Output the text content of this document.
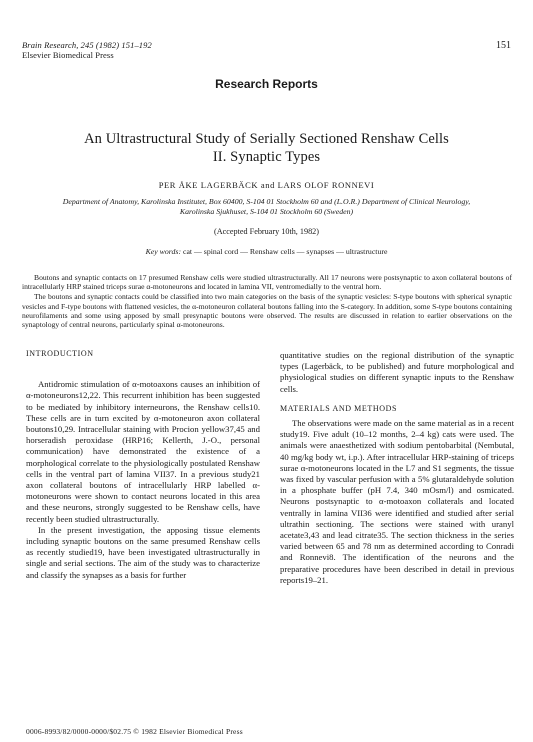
Brain Research, 245 (1982) 151–192
Elsevier Biomedical Press
151
Research Reports
An Ultrastructural Study of Serially Sectioned Renshaw Cells
II. Synaptic Types
PER ÅKE LAGERBÄCK and LARS OLOF RONNEVI
Department of Anatomy, Karolinska Institutet, Box 60400, S-104 01 Stockholm 60 and (L.O.R.) Department of Clinical Neurology,
Karolinska Sjukhuset, S-104 01 Stockholm 60 (Sweden)
(Accepted February 10th, 1982)
Key words: cat — spinal cord — Renshaw cells — synapses — ultrastructure

Boutons and synaptic contacts on 17 presumed Renshaw cells were studied ultrastructurally. All 17 neurons were postsynaptic to axon collateral boutons of intracellularly HRP stained triceps surae α-motoneurons and located in lamina VII, ventromedially to the ventral horn.

The boutons and synaptic contacts could be classified into two main categories on the basis of the synaptic vesicles: S-type boutons with spherical synaptic vesicles and F-type boutons with flattened vesicles, the α-motoneuron collateral boutons falling into the S-category. In addition, some S-type boutons containing neurofilaments and some using apposed by small presynaptic boutons were observed. The results are discussed in relation to earlier observations on the synaptology of central neurons, particularly spinal α-motoneurons.

INTRODUCTION

Antidromic stimulation of α-motoaxons causes an inhibition of α-motoneurons12,22. This recurrent inhibition has been suggested to be mediated by inhibitory interneurons, the Renshaw cells10. These cells are in turn excited by α-motoneuron axon collateral boutons10,29. Intracellular staining with Procion yellow37,45 and horseradish peroxidase (HRP16; Kellerth, J.-O., personal communication) have demonstrated the existence of a morphological correlate to the physiologically postulated Renshaw cells in the ventral part of lamina VII37. In a previous study21 axon collateral boutons of intracellularly HRP labelled α-motoneurons were shown to contact neurons located in this area and these neurons, strongly suggested to be Renshaw cells, have recently been studied ultrastructurally.

In the present investigation, the apposing tissue elements including synaptic boutons on the same presumed Renshaw cells as recently studied19, have been investigated ultrastructurally in single and serial sections. The aim of the study was to characterize and classify the synapses as a basis for further

quantitative studies on the regional distribution of the synaptic types (Lagerbäck, to be published) and future morphological and physiological studies on different synaptic inputs to the Renshaw cells.

MATERIALS AND METHODS

The observations were made on the same material as in a recent study19. Five adult (10–12 months, 2–4 kg) cats were used. The animals were anaesthetized with sodium pentobarbital (Nembutal, 40 mg/kg body wt, i.p.). After intracellular HRP-staining of triceps surae α-motoneurons located in the L7 and S1 segments, the tissue was fixed by vascular perfusion with a 5% glutaraldehyde solution in a phosphate buffer (pH 7.4, 340 mOsm/l) and osmicated. Neurons postsynaptic to α-motoaxon collaterals and located ventrally in lamina VII36 were identified and studied after serial ultrathin sectioning. The sections were stained with uranyl acetate3,43 and lead citrate35. The section thickness in the series varied between 65 and 78 nm as determined according to Conradi and Ronnevi8. The identification of the neurons and the preparative procedures have been described in detail in previous reports19–21.

0006-8993/82/0000-0000/$02.75 © 1982 Elsevier Biomedical Press
